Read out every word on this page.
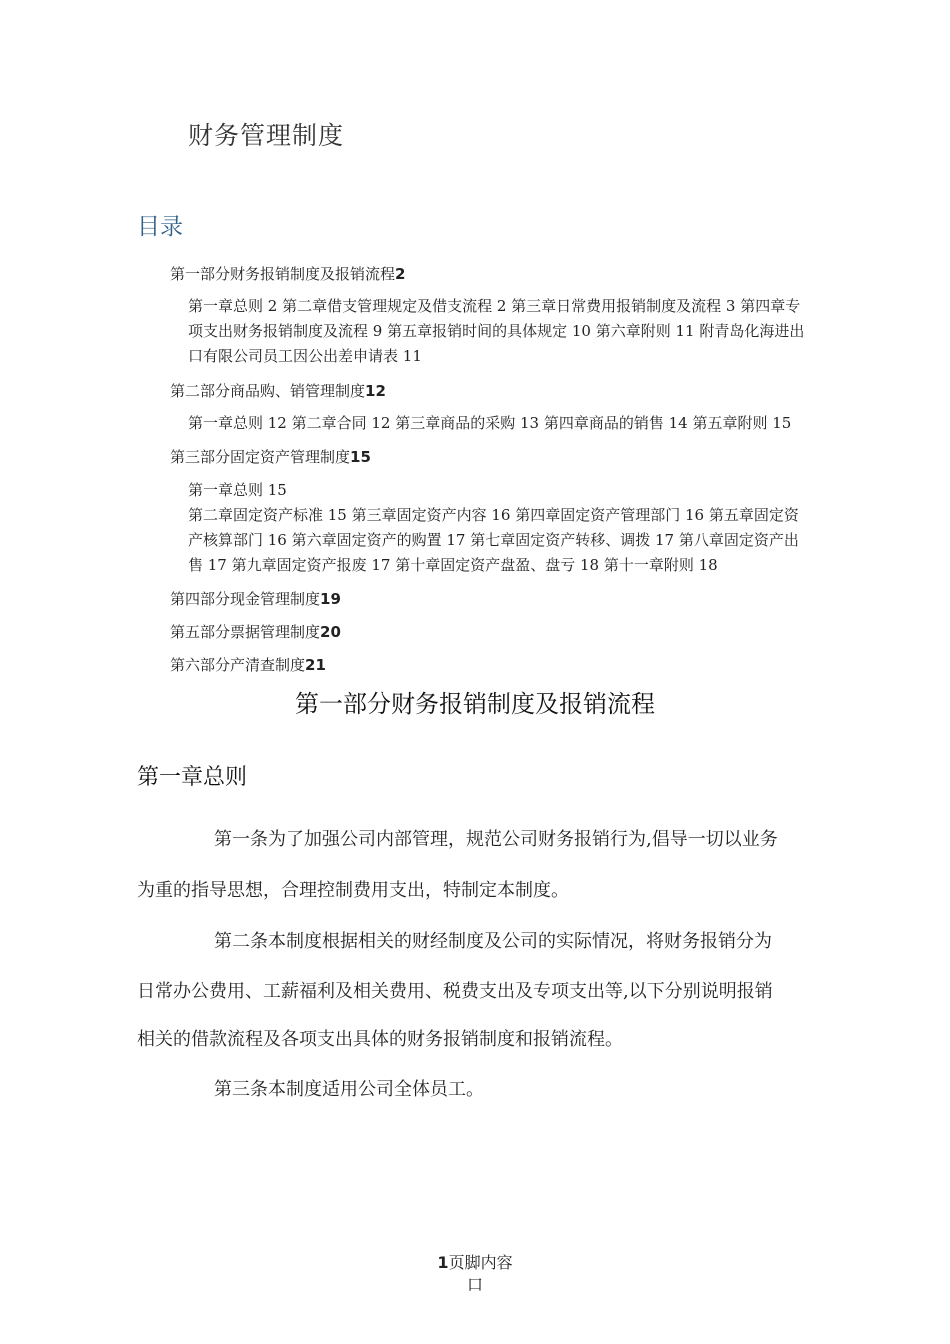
财务管理制度
目录
第一部分财务报销制度及报销流程2
第一章总则 2 第二章借支管理规定及借支流程 2 第三章日常费用报销制度及流程 3 第四章专
项支出财务报销制度及流程 9 第五章报销时间的具体规定 10 第六章附则 11 附青岛化海进出
口有限公司员工因公出差申请表 11
第二部分商品购、销管理制度12
第一章总则 12 第二章合同 12 第三章商品的采购 13 第四章商品的销售 14 第五章附则 15
第三部分固定资产管理制度15
第一章总则 15
第二章固定资产标准 15 第三章固定资产内容 16 第四章固定资产管理部门 16 第五章固定资
产核算部门 16 第六章固定资产的购置 17 第七章固定资产转移、调拨 17 第八章固定资产出
售 17 第九章固定资产报废 17 第十章固定资产盘盈、盘亏 18 第十一章附则 18
第四部分现金管理制度19
第五部分票据管理制度20
第六部分产清查制度21
第一部分财务报销制度及报销流程
第一章总则
第一条为了加强公司内部管理，规范公司财务报销行为,倡导一切以业务
为重的指导思想，合理控制费用支出，特制定本制度。
第二条本制度根据相关的财经制度及公司的实际情况，将财务报销分为
日常办公费用、工薪福利及相关费用、税费支出及专项支出等,以下分别说明报销
相关的借款流程及各项支出具体的财务报销制度和报销流程。
第三条本制度适用公司全体员工。
1页脚内容
口
